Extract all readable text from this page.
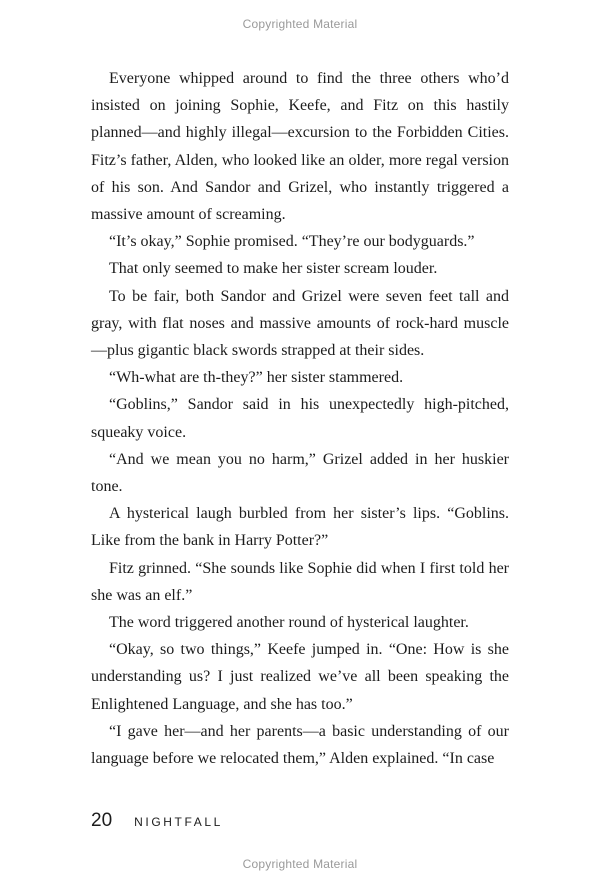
Copyrighted Material

Everyone whipped around to find the three others who’d insisted on joining Sophie, Keefe, and Fitz on this hastily planned—and highly illegal—excursion to the Forbidden Cities. Fitz’s father, Alden, who looked like an older, more regal version of his son. And Sandor and Grizel, who instantly triggered a massive amount of screaming.

“It’s okay,” Sophie promised. “They’re our bodyguards.”

That only seemed to make her sister scream louder.

To be fair, both Sandor and Grizel were seven feet tall and gray, with flat noses and massive amounts of rock-hard muscle—plus gigantic black swords strapped at their sides.

“Wh-what are th-they?” her sister stammered.

“Goblins,” Sandor said in his unexpectedly high-pitched, squeaky voice.

“And we mean you no harm,” Grizel added in her huskier tone.

A hysterical laugh burbled from her sister’s lips. “Goblins. Like from the bank in Harry Potter?”

Fitz grinned. “She sounds like Sophie did when I first told her she was an elf.”

The word triggered another round of hysterical laughter.

“Okay, so two things,” Keefe jumped in. “One: How is she understanding us? I just realized we’ve all been speaking the Enlightened Language, and she has too.”

“I gave her—and her parents—a basic understanding of our language before we relocated them,” Alden explained. “In case

20 NIGHTFALL
Copyrighted Material
